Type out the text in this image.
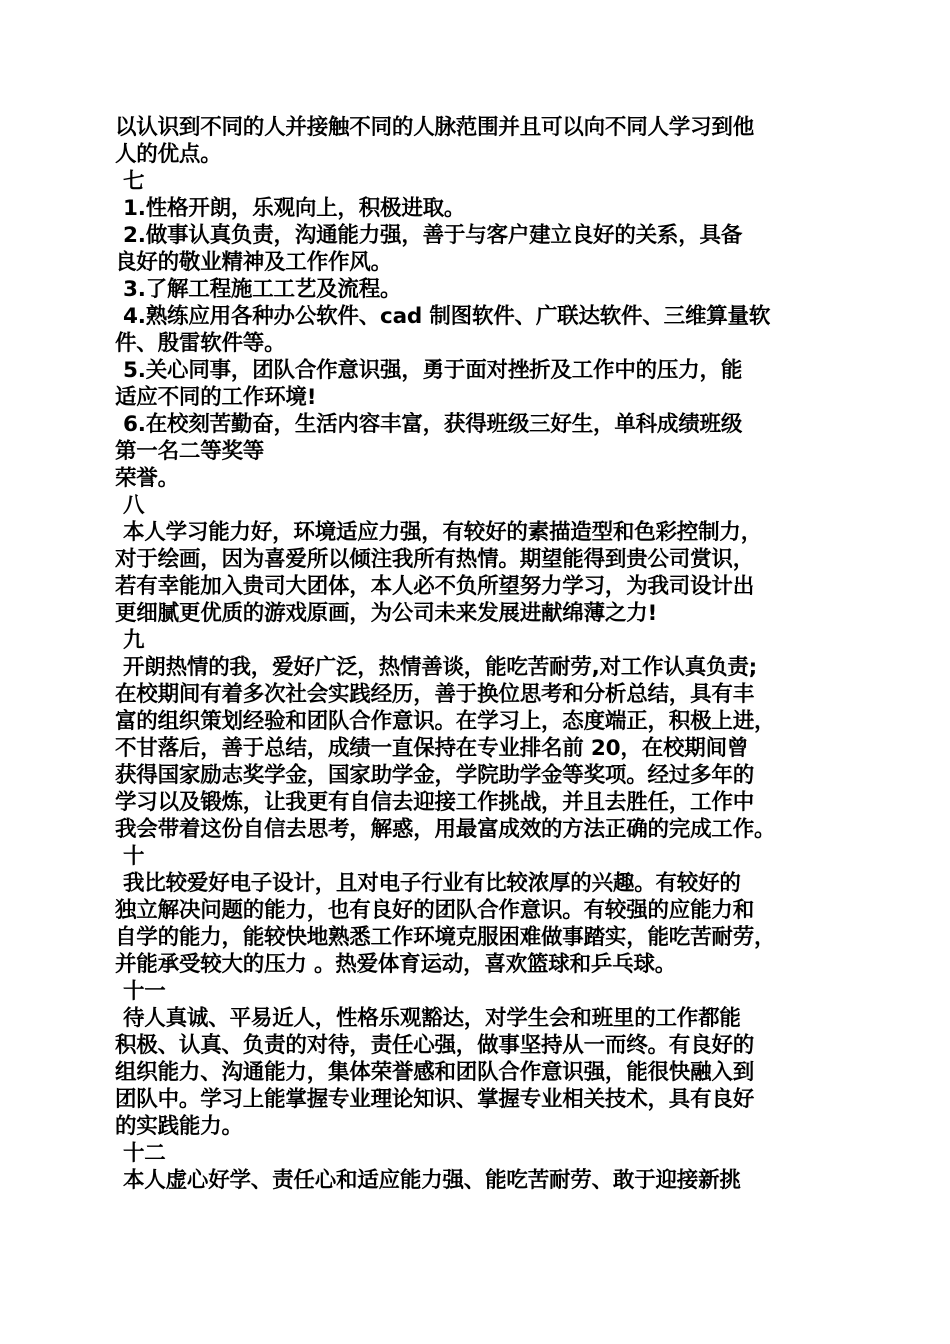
以认识到不同的人并接触不同的人脉范围并且可以向不同人学习到他

人的优点。

七

1.性格开朗，乐观向上，积极进取。

2.做事认真负责，沟通能力强，善于与客户建立良好的关系，具备

良好的敬业精神及工作作风。

3.了解工程施工工艺及流程。

4.熟练应用各种办公软件、cad 制图软件、广联达软件、三维算量软

件、殷雷软件等。

5.关心同事，团队合作意识强，勇于面对挫折及工作中的压力，能

适应不同的工作环境!

6.在校刻苦勤奋，生活内容丰富，获得班级三好生，单科成绩班级

第一名二等奖等

荣誉。

八

本人学习能力好，环境适应力强，有较好的素描造型和色彩控制力，

对于绘画，因为喜爱所以倾注我所有热情。期望能得到贵公司赏识，

若有幸能加入贵司大团体，本人必不负所望努力学习，为我司设计出

更细腻更优质的游戏原画，为公司未来发展进献绵薄之力!

九

开朗热情的我，爱好广泛，热情善谈，能吃苦耐劳,对工作认真负责;

在校期间有着多次社会实践经历，善于换位思考和分析总结，具有丰

富的组织策划经验和团队合作意识。在学习上，态度端正，积极上进，

不甘落后，善于总结，成绩一直保持在专业排名前 20，在校期间曾

获得国家励志奖学金，国家助学金，学院助学金等奖项。经过多年的

学习以及锻炼，让我更有自信去迎接工作挑战，并且去胜任，工作中

我会带着这份自信去思考，解惑，用最富成效的方法正确的完成工作。

十

我比较爱好电子设计，且对电子行业有比较浓厚的兴趣。有较好的

独立解决问题的能力，也有良好的团队合作意识。有较强的应能力和

自学的能力，能较快地熟悉工作环境克服困难做事踏实，能吃苦耐劳，

并能承受较大的压力 。热爱体育运动，喜欢篮球和乒乓球。

十一

待人真诚、平易近人，性格乐观豁达，对学生会和班里的工作都能

积极、认真、负责的对待，责任心强，做事坚持从一而终。有良好的

组织能力、沟通能力，集体荣誉感和团队合作意识强，能很快融入到

团队中。学习上能掌握专业理论知识、掌握专业相关技术，具有良好

的实践能力。

十二

本人虚心好学、责任心和适应能力强、能吃苦耐劳、敢于迎接新挑
